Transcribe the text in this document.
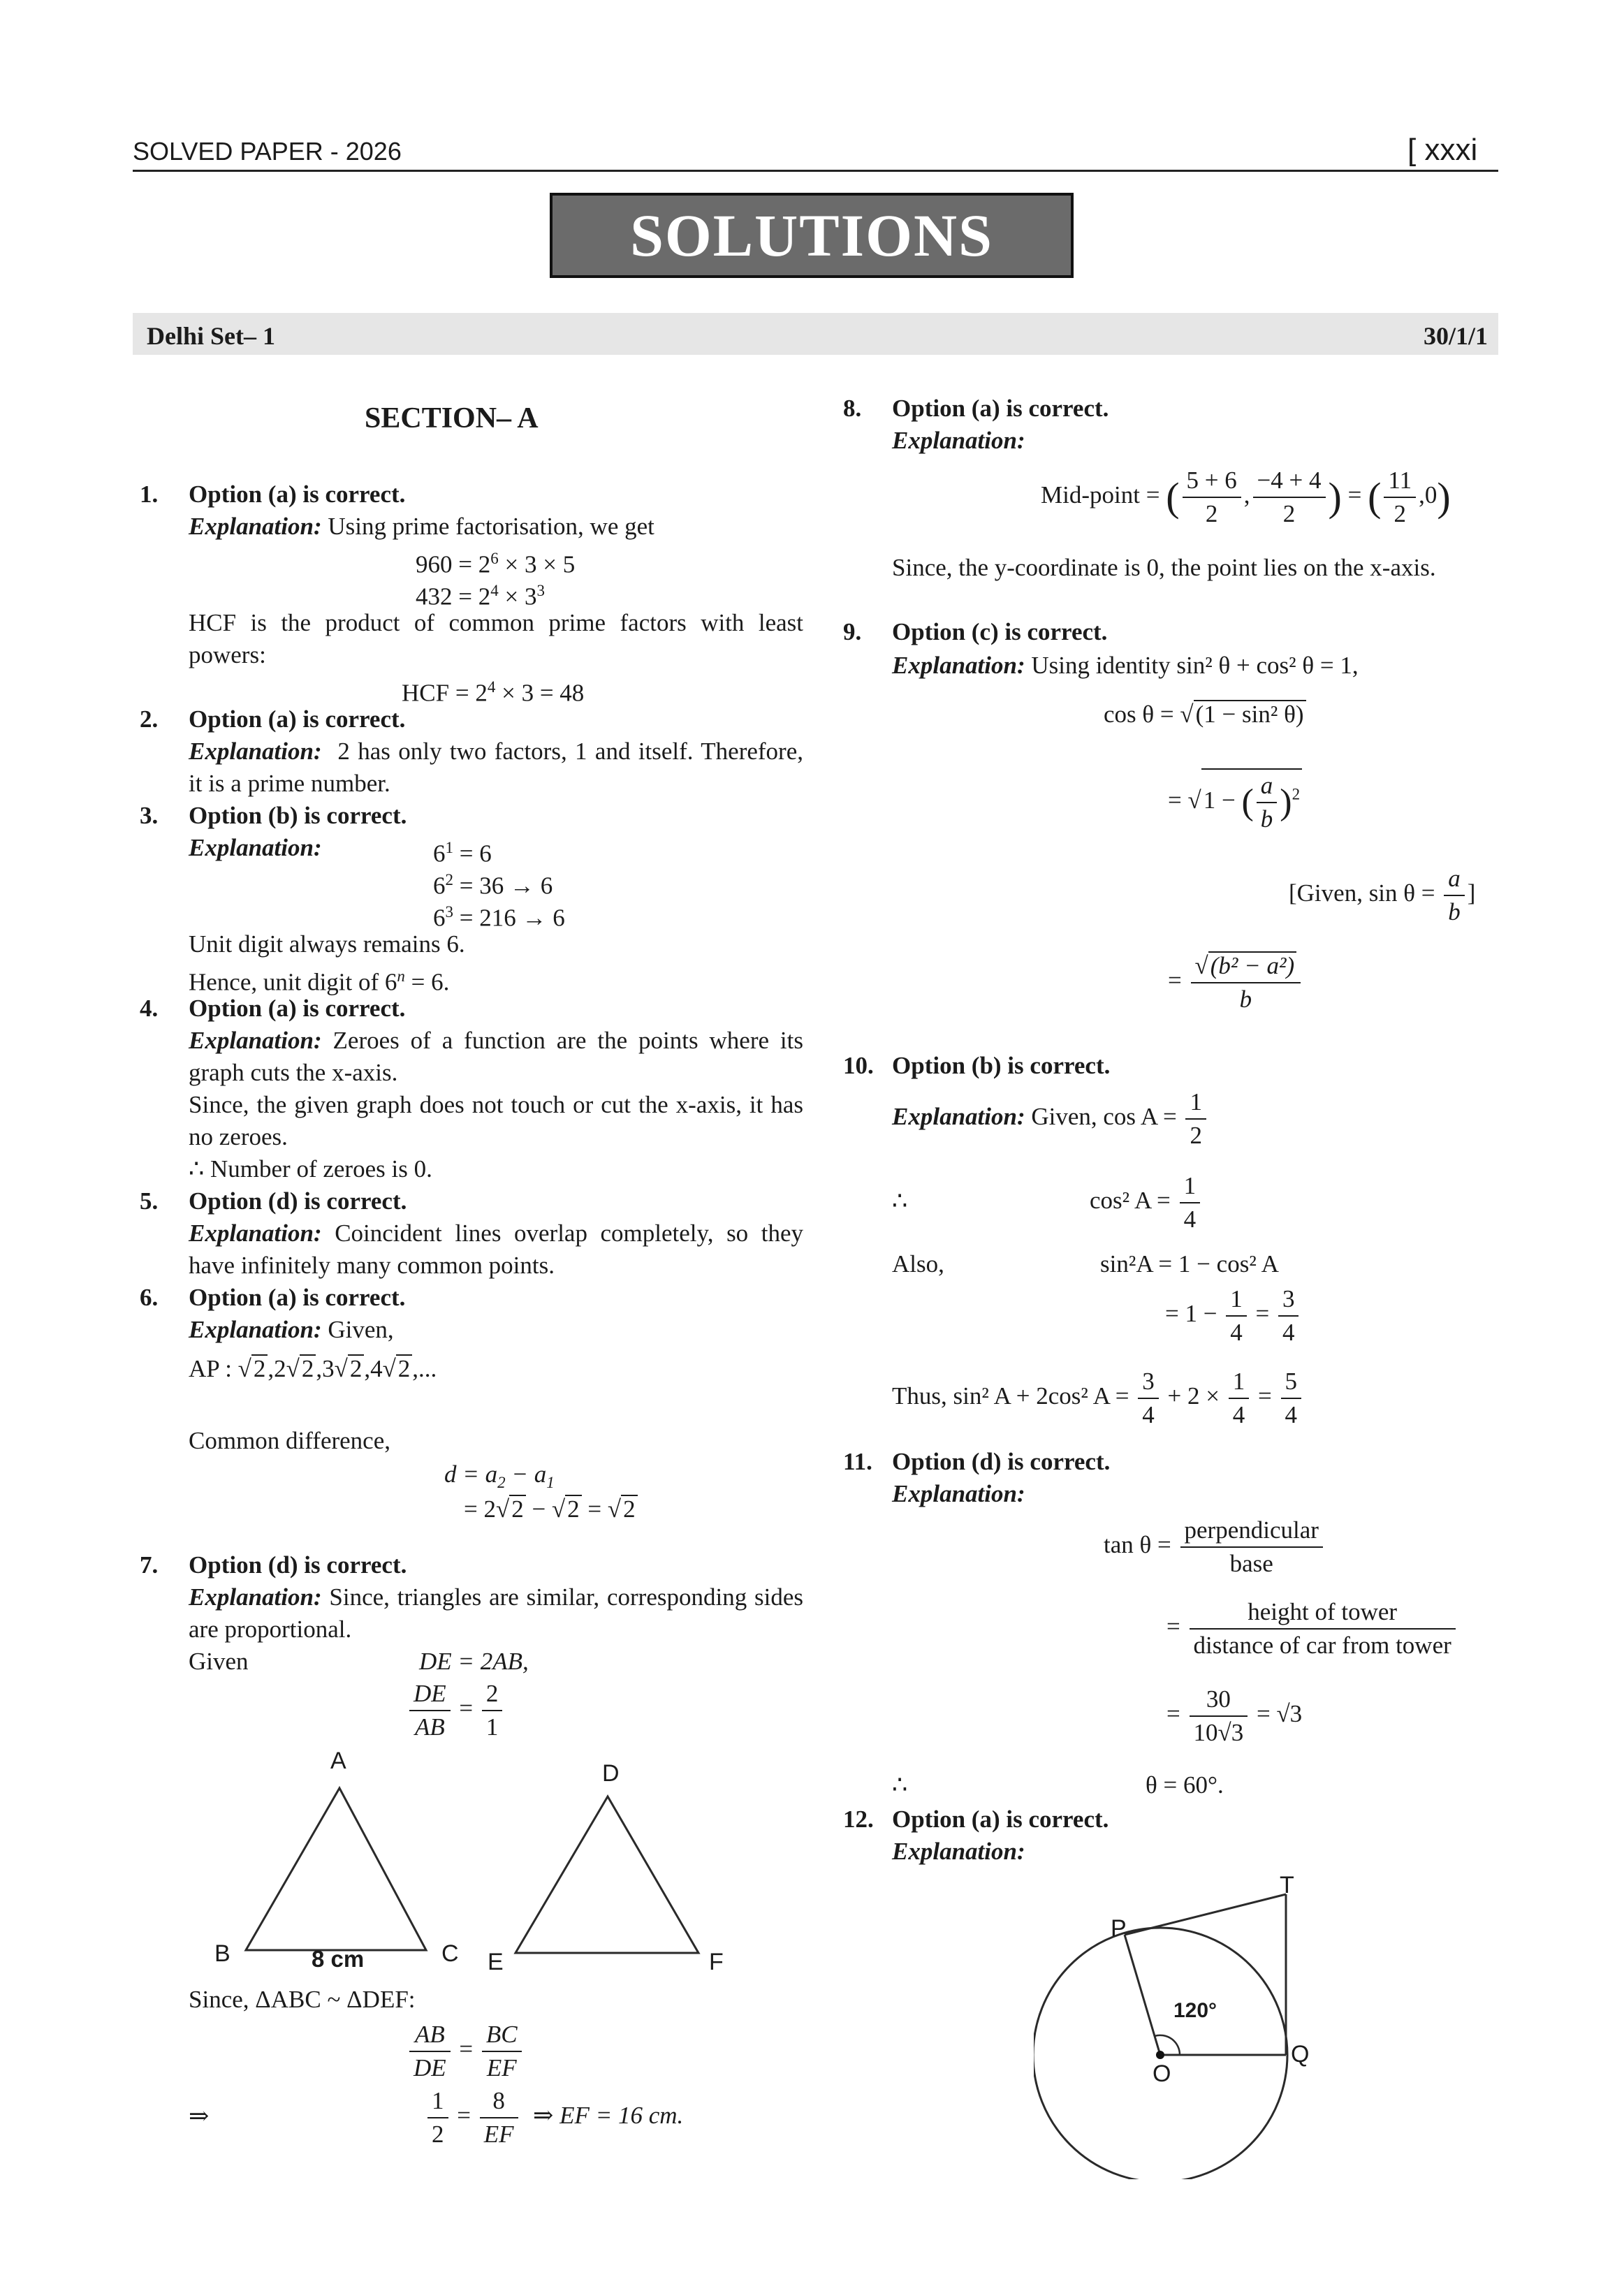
SOLVED PAPER - 2026	[ xxxi
SOLUTIONS
Delhi Set– 1	30/1/1
SECTION– A
1. Option (a) is correct.
Explanation: Using prime factorisation, we get
$960 = 2^6 \times 3 \times 5$
$432 = 2^4 \times 3^3$
HCF is the product of common prime factors with least powers:
HCF = $2^4 \times 3 = 48$
2. Option (a) is correct.
Explanation: 2 has only two factors, 1 and itself. Therefore, it is a prime number.
3. Option (b) is correct.
Explanation:	$6^1 = 6$
$6^2 = 36 \to 6$
$6^3 = 216 \to 6$
Unit digit always remains 6.
Hence, unit digit of $6^n = 6$.
4. Option (a) is correct.
Explanation: Zeroes of a function are the points where its graph cuts the x-axis.
Since, the given graph does not touch or cut the x-axis, it has no zeroes.
∴ Number of zeroes is 0.
5. Option (d) is correct.
Explanation: Coincident lines overlap completely, so they have infinitely many common points.
6. Option (a) is correct.
Explanation: Given,
AP : √2,2√2,3√2,4√2,...
Common difference,
$d = a_2 - a_1$
= 2√2 − √2 = √2
7. Option (d) is correct.
Explanation: Since, triangles are similar, corresponding sides are proportional.
Given	DE = 2AB,
$\frac{DE}{AB} = \frac{2}{1}$
A
B	C
8 cm
D
E	F
Since, ΔABC ~ ΔDEF:
$\frac{AB}{DE} = \frac{BC}{EF}$
⇒	$\frac{1}{2} = \frac{8}{EF}$ ⇒ EF = 16 cm.
8. Option (a) is correct.
Explanation:
Mid-point = ( $\frac{5 + 6}{2}$ , $\frac{-4 + 4}{2}$ ) = ( $\frac{11}{2} ,0$)
Since, the y-coordinate is 0, the point lies on the x-axis.
9. Option (c) is correct.
Explanation: Using identity sin² θ + cos² θ = 1,
cos θ = √(1 − sin² θ)
= √1 − ( $\frac{a}{b} )^2$
[Given, $\sin \theta = \frac{a}{b}$ ]
= $\frac{\text{√(b² − a²)}}{b}$
10. Option (b) is correct.
Explanation: Given, $\cos A = \frac{1}{2}$
∴	cos² $A = \frac{1}{4}$
Also,	sin²A = 1 − cos² A
= $1 - \frac{1}{4} = \frac{3}{4}$
Thus, sin² A + 2cos² $A = \frac{3}{4} + 2 \times \frac{1}{4} = \frac{5}{4}$
11. Option (d) is correct.
Explanation:
$\tan \theta = \frac{\text{perpendicular}}{\text{base}}$
= $\frac{\text{height of tower}}{\text{distance of car from tower}}$
= $\frac{30}{10√3} = √3$
∴	θ = 60°.
12. Option (a) is correct.
Explanation:
T
P
Q
O
120°
